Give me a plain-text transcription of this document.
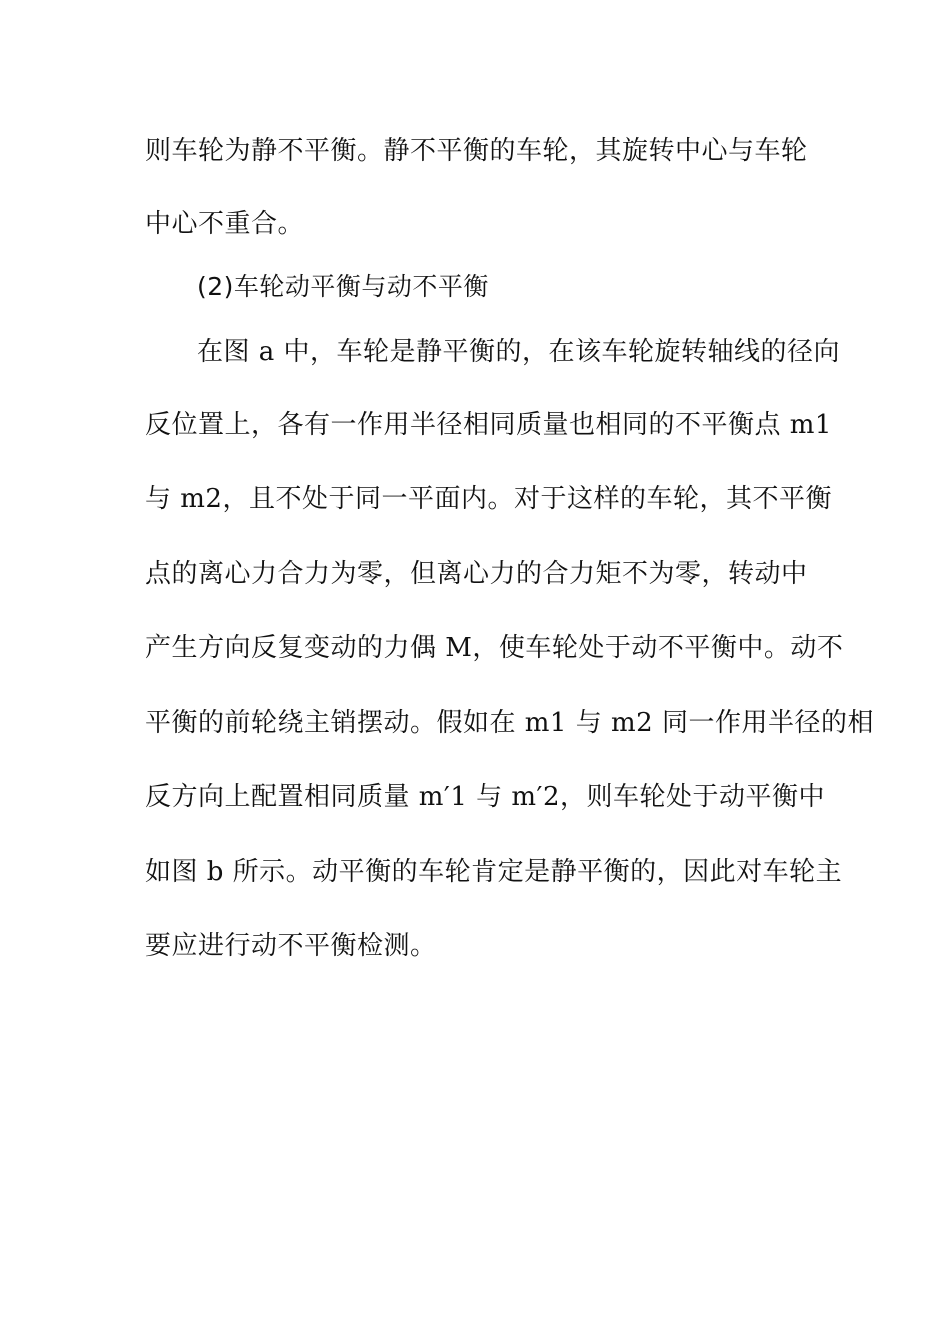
则车轮为静不平衡。静不平衡的车轮，其旋转中心与车轮
中心不重合。
(2)车轮动平衡与动不平衡
在图 a 中，车轮是静平衡的，在该车轮旋转轴线的径向
反位置上，各有一作用半径相同质量也相同的不平衡点 m1
与 m2，且不处于同一平面内。对于这样的车轮，其不平衡
点的离心力合力为零，但离心力的合力矩不为零，转动中
产生方向反复变动的力偶 M，使车轮处于动不平衡中。动不
平衡的前轮绕主销摆动。假如在 m1 与 m2 同一作用半径的相
反方向上配置相同质量 m′1 与 m′2，则车轮处于动平衡中
如图 b 所示。动平衡的车轮肯定是静平衡的，因此对车轮主
要应进行动不平衡检测。
